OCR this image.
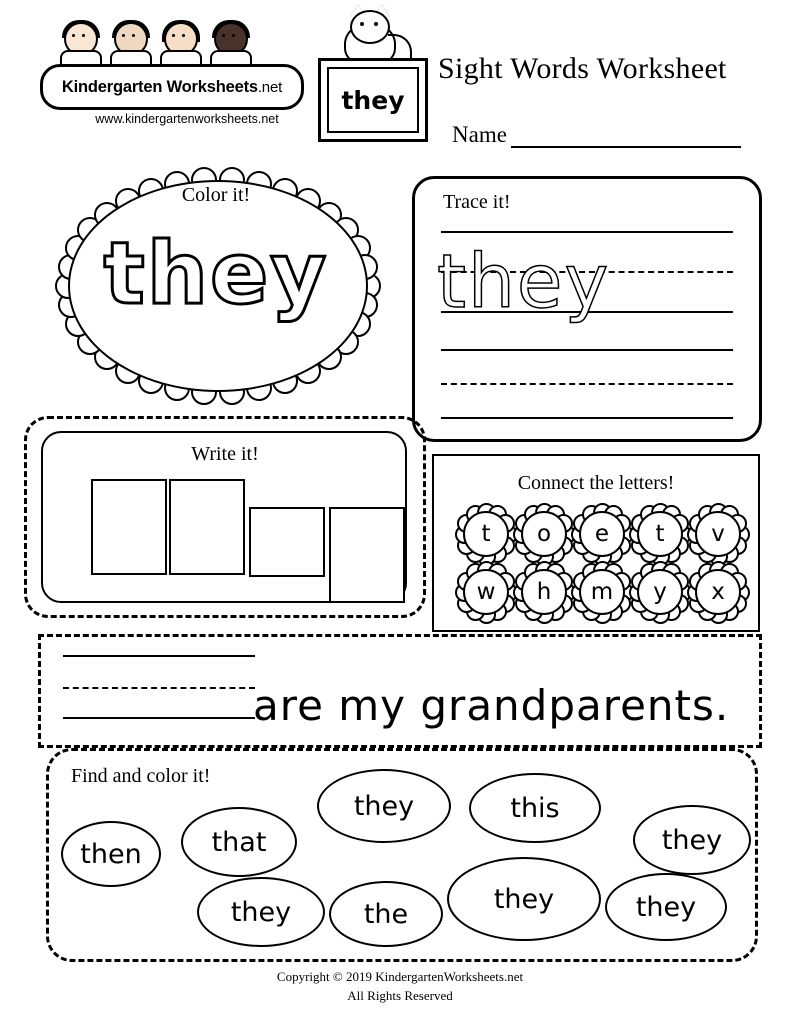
Kindergarten Worksheets.net
www.kindergartenworksheets.net
they
Sight Words Worksheet
Name
Color it!
they
Trace it!
they
Write it!
Connect the letters!
t	o	e	t	v
w	h	m	y	x
are my grandparents.
Find and color it!
then	that
they	this
they
they	the	they	they
Copyright © 2019 KindergartenWorksheets.net
All Rights Reserved
